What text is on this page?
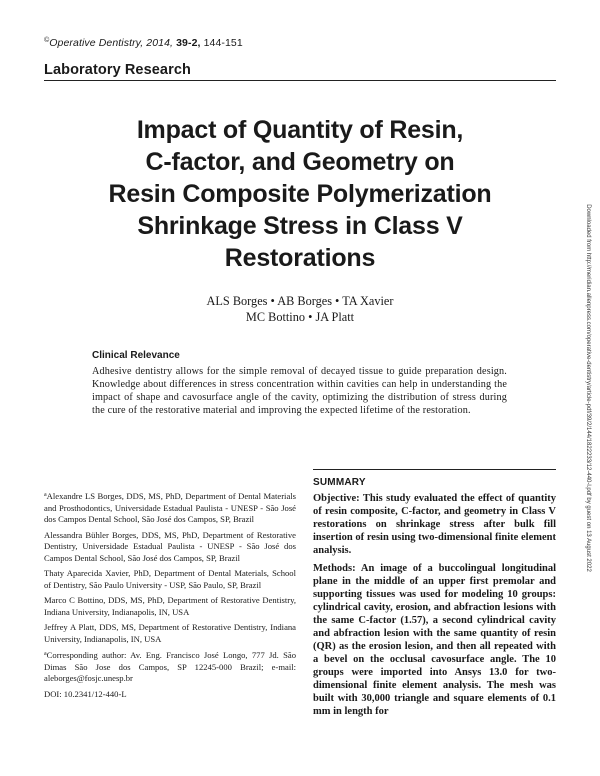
©Operative Dentistry, 2014, 39-2, 144-151
Laboratory Research
Impact of Quantity of Resin,
C-factor, and Geometry on
Resin Composite Polymerization
Shrinkage Stress in Class V
Restorations
ALS Borges • AB Borges • TA Xavier
MC Bottino • JA Platt
Clinical Relevance
Adhesive dentistry allows for the simple removal of decayed tissue to guide preparation design. Knowledge about differences in stress concentration within cavities can help in understanding the impact of shape and cavosurface angle of the cavity, optimizing the distribution of stress during the cure of the restorative material and improving the expected lifetime of the restoration.	Downloaded from http://meridian.allenpress.com/operative-dentistry/article-pdf/39/2/144/1822233/12-440-l.pdf by guest on 13 August 2022

$^a$Alexandre LS Borges, DDS, MS, PhD, Department of Dental Materials and Prosthodontics, Universidade Estadual Paulista - UNESP - São José dos Campos Dental School, São José dos Campos, SP, Brazil

Alessandra Bühler Borges, DDS, MS, PhD, Department of Restorative Dentistry, Universidade Estadual Paulista - UNESP - São José dos Campos Dental School, São José dos Campos, SP, Brazil

Thaty Aparecida Xavier, PhD, Department of Dental Materials, School of Dentistry, São Paulo University - USP, São Paulo, SP, Brazil

Marco C Bottino, DDS, MS, PhD, Department of Restorative Dentistry, Indiana University, Indianapolis, IN, USA

Jeffrey A Platt, DDS, MS, Department of Restorative Dentistry, Indiana University, Indianapolis, IN, USA

$^a$Corresponding author: Av. Eng. Francisco José Longo, 777 Jd. São Dimas São Jose dos Campos, SP 12245-000 Brazil; e-mail: aleborges@fosjc.unesp.br

DOI: 10.2341/12-440-L
SUMMARY

Objective: This study evaluated the effect of quantity of resin composite, C-factor, and geometry in Class V restorations on shrinkage stress after bulk fill insertion of resin using two-dimensional finite element analysis.

Methods: An image of a buccolingual longitudinal plane in the middle of an upper first premolar and supporting tissues was used for modeling 10 groups: cylindrical cavity, erosion, and abfraction lesions with the same C-factor (1.57), a second cylindrical cavity and abfraction lesion with the same quantity of resin (QR) as the erosion lesion, and then all repeated with a bevel on the occlusal cavosurface angle. The 10 groups were imported into Ansys 13.0 for two-dimensional finite element analysis. The mesh was built with 30,000 triangle and square elements of 0.1 mm in length for
